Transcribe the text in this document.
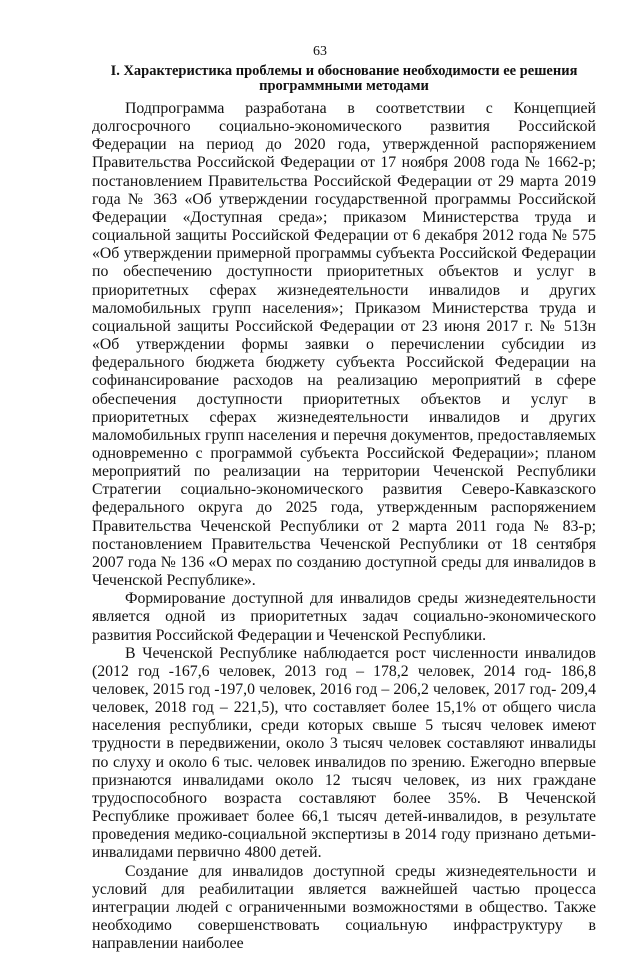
63
I. Характеристика проблемы и обоснование необходимости ее решения программными методами

Подпрограмма разработана в соответствии с Концепцией долгосрочного социально-экономического развития Российской Федерации на период до 2020 года, утвержденной распоряжением Правительства Российской Федерации от 17 ноября 2008 года № 1662-р; постановлением Правительства Российской Федерации от 29 марта 2019 года № 363 «Об утверждении государственной программы Российской Федерации «Доступная среда»; приказом Министерства труда и социальной защиты Российской Федерации от 6 декабря 2012 года № 575 «Об утверждении примерной программы субъекта Российской Федерации по обеспечению доступности приоритетных объектов и услуг в приоритетных сферах жизнедеятельности инвалидов и других маломобильных групп населения»; Приказом Министерства труда и социальной защиты Российской Федерации от 23 июня 2017 г. № 513н «Об утверждении формы заявки о перечислении субсидии из федерального бюджета бюджету субъекта Российской Федерации на софинансирование расходов на реализацию мероприятий в сфере обеспечения доступности приоритетных объектов и услуг в приоритетных сферах жизнедеятельности инвалидов и других маломобильных групп населения и перечня документов, предоставляемых одновременно с программой субъекта Российской Федерации»; планом мероприятий по реализации на территории Чеченской Республики Стратегии социально-экономического развития Северо-Кавказского федерального округа до 2025 года, утвержденным распоряжением Правительства Чеченской Республики от 2 марта 2011 года № 83-р; постановлением Правительства Чеченской Республики от 18 сентября 2007 года № 136 «О мерах по созданию доступной среды для инвалидов в Чеченской Республике».

Формирование доступной для инвалидов среды жизнедеятельности является одной из приоритетных задач социально-экономического развития Российской Федерации и Чеченской Республики.

В Чеченской Республике наблюдается рост численности инвалидов (2012 год -167,6 человек, 2013 год – 178,2 человек, 2014 год- 186,8 человек, 2015 год -197,0 человек, 2016 год – 206,2 человек, 2017 год- 209,4 человек, 2018 год – 221,5), что составляет более 15,1% от общего числа населения республики, среди которых свыше 5 тысяч человек имеют трудности в передвижении, около 3 тысяч человек составляют инвалиды по слуху и около 6 тыс. человек инвалидов по зрению. Ежегодно впервые признаются инвалидами около 12 тысяч человек, из них граждане трудоспособного возраста составляют более 35%. В Чеченской Республике проживает более 66,1 тысяч детей-инвалидов, в результате проведения медико-социальной экспертизы в 2014 году признано детьми-инвалидами первично 4800 детей.

Создание для инвалидов доступной среды жизнедеятельности и условий для реабилитации является важнейшей частью процесса интеграции людей с ограниченными возможностями в общество. Также необходимо совершенствовать социальную инфраструктуру в направлении наиболее
